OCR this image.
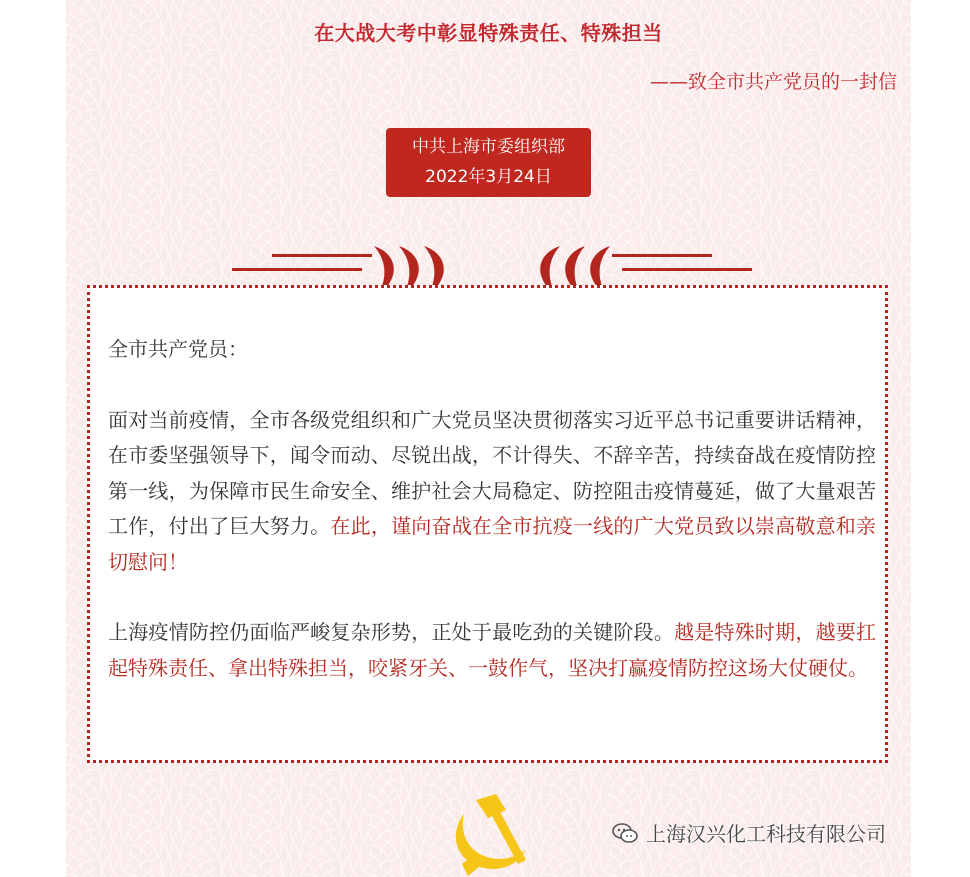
在大战大考中彰显特殊责任、特殊担当
——致全市共产党员的一封信
中共上海市委组织部
2022年3月24日

全市共产党员：

面对当前疫情，全市各级党组织和广大党员坚决贯彻落实习近平总书记重要讲话精神，在市委坚强领导下，闻令而动、尽锐出战，不计得失、不辞辛苦，持续奋战在疫情防控第一线，为保障市民生命安全、维护社会大局稳定、防控阻击疫情蔓延，做了大量艰苦工作，付出了巨大努力。在此，谨向奋战在全市抗疫一线的广大党员致以崇高敬意和亲切慰问！

上海疫情防控仍面临严峻复杂形势，正处于最吃劲的关键阶段。越是特殊时期，越要扛起特殊责任、拿出特殊担当，咬紧牙关、一鼓作气，坚决打赢疫情防控这场大仗硬仗。

上海汉兴化工科技有限公司
